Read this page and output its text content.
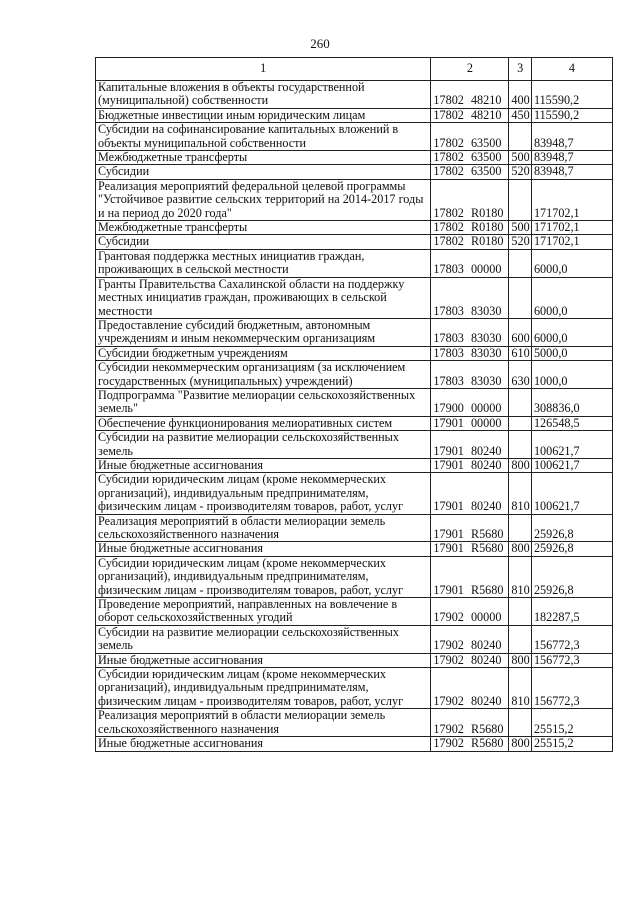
260
1	2	3	4
Капитальные вложения в объекты государственной (муниципальной) собственности	17802 48210	400	115590,2
Бюджетные инвестиции иным юридическим лицам	17802 48210	450	115590,2
Субсидии на софинансирование капитальных вложений в объекты муниципальной собственности	17802 63500		83948,7
Межбюджетные трансферты	17802 63500	500	83948,7
Субсидии	17802 63500	520	83948,7
Реализация мероприятий федеральной целевой программы "Устойчивое развитие сельских территорий на 2014-2017 годы и на период до 2020 года"	17802 R0180		171702,1
Межбюджетные трансферты	17802 R0180	500	171702,1
Субсидии	17802 R0180	520	171702,1
Грантовая поддержка местных инициатив граждан, проживающих в сельской местности	17803 00000		6000,0
Гранты Правительства Сахалинской области на поддержку местных инициатив граждан, проживающих в сельской местности	17803 83030		6000,0
Предоставление субсидий бюджетным, автономным учреждениям и иным некоммерческим организациям	17803 83030	600	6000,0
Субсидии бюджетным учреждениям	17803 83030	610	5000,0
Субсидии некоммерческим организациям (за исключением государственных (муниципальных) учреждений)	17803 83030	630	1000,0
Подпрограмма "Развитие мелиорации сельскохозяйственных земель"	17900 00000		308836,0
Обеспечение функционирования мелиоративных систем	17901 00000		126548,5
Субсидии на развитие мелиорации сельскохозяйственных земель	17901 80240		100621,7
Иные бюджетные ассигнования	17901 80240	800	100621,7
Субсидии юридическим лицам (кроме некоммерческих организаций), индивидуальным предпринимателям, физическим лицам - производителям товаров, работ, услуг	17901 80240	810	100621,7
Реализация мероприятий в области мелиорации земель сельскохозяйственного назначения	17901 R5680		25926,8
Иные бюджетные ассигнования	17901 R5680	800	25926,8
Субсидии юридическим лицам (кроме некоммерческих организаций), индивидуальным предпринимателям, физическим лицам - производителям товаров, работ, услуг	17901 R5680	810	25926,8
Проведение мероприятий, направленных на вовлечение в оборот сельскохозяйственных угодий	17902 00000		182287,5
Субсидии на развитие мелиорации сельскохозяйственных земель	17902 80240		156772,3
Иные бюджетные ассигнования	17902 80240	800	156772,3
Субсидии юридическим лицам (кроме некоммерческих организаций), индивидуальным предпринимателям, физическим лицам - производителям товаров, работ, услуг	17902 80240	810	156772,3
Реализация мероприятий в области мелиорации земель сельскохозяйственного назначения	17902 R5680		25515,2
Иные бюджетные ассигнования	17902 R5680	800	25515,2
